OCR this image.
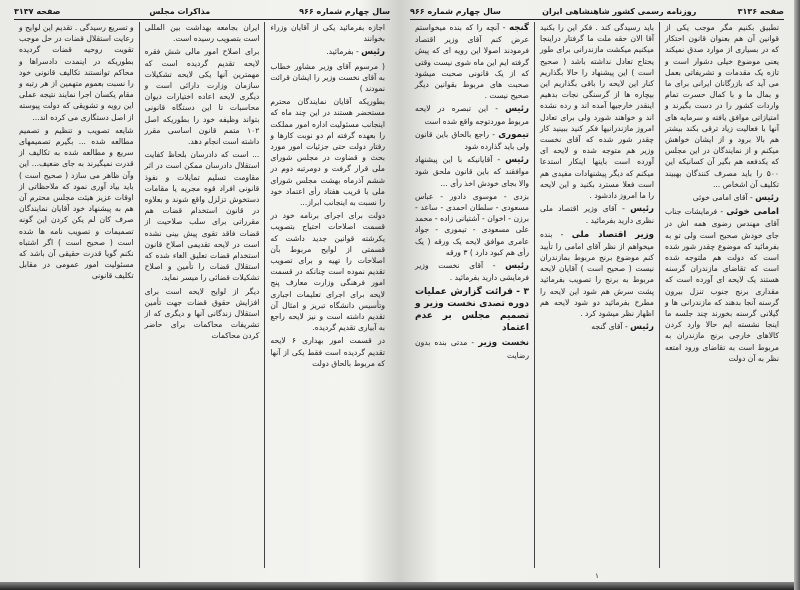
سال چهارم شماره ۹۶۶
مذاکرات مجلس
صفحه ۳۱۳۷

اجازه بفرمائید یکی از آقایان وزراء بخوانند

رئیس - بفرمائید.

( مرسوم آقای وزیر مشاور خطاب به آقای نخست وزیر را ایشان قرائت نمودند )

بطوریکه آقایان نمایندگان محترم مستحضر هستند در این چند ماه که اینجانب مسئولیت اداره امور مملکت را بعهده گرفته ام دو نوبت کارها و رفتار دولت حتی جزئیات امور مورد بحث و قضاوت در مجلس شورای ملی قرار گرفت و دومرتبه دوم در ششم آذرماه بهشت مجلس شورای ملی با قریب هفتاد رأی اعتماد خود را نسبت به اینجانب ابراز...

دولت برای اجرای برنامه خود در قسمت اصلاحات احتیاج بتصویب یکرشته قوانین جدید داشت که قسمتی از لوایح مربوط بآن اصلاحات را تهیه و برای تصویب تقدیم نموده است چنانکه در قسمت امور فرهنگی وزارت معارف پنج لایحه برای اجرای تعلیمات اجباری وتأسیس دانشگاه تبریز و امثال آن تقدیم داشته است و نیز لایحه راجع به آبیاری تقدیم گردیده.

در قسمت امور بهداری ۶ لایحه تقدیم گردیده است فقط یکی از آنها که مربوط بالحاق دولت

ایران بجامعه بهداشت بین المللی است بتصویب رسیده است.

برای اصلاح امور مالی شش فقره لایحه تقدیم گردیده است که مهمترین آنها یکی لایحه تشکیلات سازمان وزارت دارائی است و دیگری لایحه اعاده اختیارات دیوان محاسبات تا این دستگاه قانونی بتواند وظیفه خود را بطوریکه اصل ۱۰۲ متمم قانون اساسی مقرر داشته است انجام دهد.

... است که دادرسان بلحاظ کفایت استقلال دادرسان ممکن است در اثر مقاومت تسلیم تمایلات و نفوذ قانونی افراد قوه مجریه یا مقامات دستخوش تزلزل واقع شوند و بعلاوه در قانون استخدام قضات هم مقرراتی برای سلب صلاحیت از قضات فاقد تقوی پیش بینی نشده است در لایحه تقدیمی اصلاح قانون استخدام قضات تعلیق الغاء شده که استقلال قضات را تأمین و اصلاح تشکیلات قضائی را میسر نماید.

دیگر از لوایح لایحه است برای افزایش حقوق قضات جهت تأمین استقلال زندگانی آنها و دیگری که از تشریفات محاکمات برای حاضر کردن محاکمات

و تسریع رسیدگی . تقدیم این لوایح و رعایت استقلال قضات در حل موجب تقویت روحیه قضات گردیده بطوریکه در اینمدت دادسراها و محاکم توانستند تکالیف قانونی خود را نسبت بعموم متهمین از هر رتبه و مقام یکسان اجرا نمایند نتیجه عملی این رویه و تشویقی که دولت پیوسته از اصل دستگاری می کرده اند...

شایعه تصویب و تنظیم و تصمیم مطالعه شده ... بگیرم تصمیمهای سریع و مطالعه شده به تکالیف از قدرت نمیگیرند به جای ضعیف... این وآن ظاهر می سازد ( صحیح است ) باید بیاد آوری نمود که ملاحظاتی از اوقات عزیز هیئت مجلس محترم آن هم به پیشنهاد خود آقایان نمایندگان صرف کان لم یکن کردن این گونه تصمیمات و تصویب نامه ها شده است ( صحیح است ) اگر اشتباه نکنم گویا قدرت حقیقی آن باشد که مسئولیت امور عمومی در مقابل تکلیف قانونی

صفحه ۳۱۳۶
روزنامه رسمی کشور شاهنشاهی ایران
سال چهارم شماره ۹۶۶

تطبیق بکنیم مگر موجب یکی از قوانین آن هم بعنوان قانون احتکار که در بسیاری از موارد صدق نمیکند یعنی موضوع خیلی دشوار است و تازه یک مقدمات و تشریفاتی بعمل می آید که بازرگانان ایرانی برای ما و بمال ما و با کمال حسرت تمام واردات کشور را در دست بگیرند و امتیازاتی موافق یافته و سرمایه های آنها با فعالیت زیاد ترقی بکند بیشتر هم بالا برود و از ایشان خواهش میکنم و از نمایندگان در این مجلس که یکدفعه هم بگیر آن کسانیکه این ۵۰۰ را باید مصرف کنندگان بهبیند تکلیف آن اشخاص ...

رئیس - آقای امامی خوئی

امامی خوئی - فرمایشات جناب آقای مهندس رضوی همه اش در جای خودش صحیح است ولی تو به بفرمائید که موضوع چقدر شور شده است که دولت هم ملتوجه شده است که تقاضای مازندران گرسنه هستند یک لایحه ای آورده است که مقداری برنج جنوب تنزل بیرون گرسنه آنجا بدهند که مازندرانی ها و گیلانی گرسنه بخورند چند جلسه ما اینجا نشسته ایم حالا وارد کردن کالاهای خارجی برنج مازندران به مربوط است به تقاضای ورود امتعه نظر به آن دولت

باید رسیدگی کند . فکر این را بکنید آقا الان حقه ملت ما گرفتار دراینجا میکنیم میکشت مازندرانی برای طور یحتاج تعادل نداشته باشد ( صحیح است ) این پیشنهاد را حالا بگذاریم کنار این لایحه را باقی بگذاریم این بیچاره ها از گرسنگی نجات بدهیم اینقدر خارجیها آمده اند و رده نشده اند و خواهند شورد ولی برای تعادل امروز مازندرانیها فکر کنید ببینید کار چقدر شور شده که آقای نخست وزیر هم متوجه شده و لایحه ای آورده است باینها اینکار استدعا میکنم که دیگر پیشنهادات مفیدی هم است فعلا مسترد بکنید و این لایحه را ما امروز دادشود .

رئیس - آقای وزیر اقتصاد ملی نظری دارید بفرمائید .

وزیر اقتصاد ملی - بنده میخواهم از نظر آقای امامی را تأیید کنم موضوع برنج مربوط بمازندران نیست ( صحیح است ) آقایان لایحه مربوط به برنج را تصویب بفرمائید پشت سرش هم شود این لایحه را مطرح بفرمائید دو شود لایحه هم اظهار نظر میشود کرد .

رئیس - آقای گنجه

گنجه - آنچه را که بنده میخواستم عرض کنم آقای وزیر اقتصاد فرمودند اصولا این رویه ای که پیش گرفته ایم این ماه شوی نیست وقتی که از یک قانونی صحبت میشود صحبت های مربوط بقوانین دیگر صحیح نیست .

رئیس - این تبصره در لایحه مربوط موردتوجه واقع شده است

تیموری - راجع بالحاق باین قانون ولی باید گذارده شود

رئیس - آقایانیکه با این پیشنهاد موافقند که باین قانون ملحق شود والا بجای خودش اخذ رأی ...

بزدی - موسوی دادور - عباس مسعودی - سلطان احمدی - ساعد - برزن - اخوان - آشتیانی زاده - محمد علی مسعودی - تیموری - جواد عامری موافق لایحه یک ورقه ( یک رأی هم کبود دارد ) ۳ ورقه

رئیس - آقای نخست وزیر فرمایشی دارید بفرمائید .

۳ - قرائت گزارش عملیات دوره تصدی نخست وزیر و تصمیم مجلس بر عدم اعتماد

نخست وزیر - مدتی بنده بدون رضایت

۱
